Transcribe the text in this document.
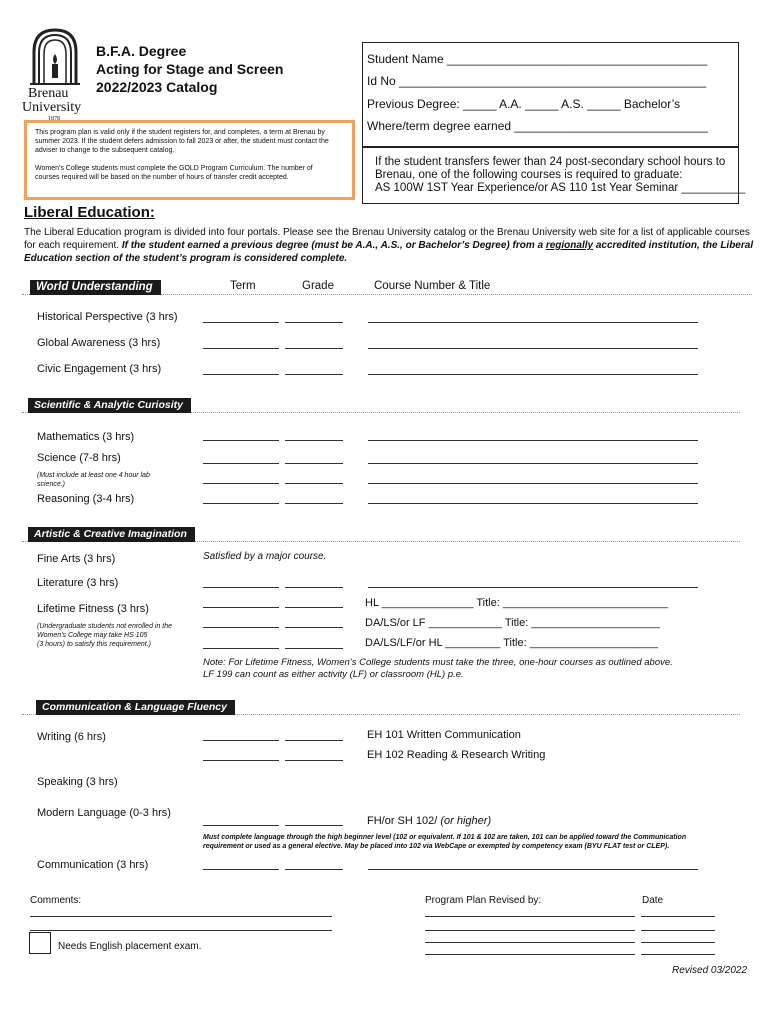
Brenau
University
1878
B.F.A. Degree
Acting for Stage and Screen
2022/2023 Catalog
This program plan is valid only if the student registers for, and completes, a term at Brenau by
summer 2023. If the student defers admission to fall 2023 or after, the student must contact the
adviser to change to the subsequent catalog.
Women's College students must complete the GOLD Program Curriculum. The number of
courses required will be based on the number of hours of transfer credit accepted.
Student Name _______________________________________
Id No ______________________________________________
Previous Degree: _____ A.A. _____ A.S. _____ Bachelor’s
Where/term degree earned _____________________________
If the student transfers fewer than 24 post-secondary school hours to
Brenau, one of the following courses is required to graduate:
AS 100W 1ST Year Experience/or AS 110 1st Year Seminar __________
Liberal Education:
The Liberal Education program is divided into four portals. Please see the Brenau University catalog or the Brenau University web site for a list of applicable courses
for each requirement. If the student earned a previous degree (must be A.A., A.S., or Bachelor’s Degree) from a regionally accredited institution, the Liberal
Education section of the student’s program is considered complete.
World Understanding	Term	Grade	Course Number & Title
Historical Perspective (3 hrs)
Global Awareness (3 hrs)
Civic Engagement (3 hrs)
Scientific & Analytic Curiosity
Mathematics (3 hrs)
Science (7-8 hrs)
(Must include at least one 4 hour lab science.)
Reasoning (3-4 hrs)
Artistic & Creative Imagination
Fine Arts (3 hrs)	Satisfied by a major course.
Literature (3 hrs)
Lifetime Fitness (3 hrs)	HL _______________ Title: ___________________________
(Undergraduate students not enrolled in the
Women’s College may take HS 105
(3 hours) to satisfy this requirement.)
DA/LS/or LF ____________ Title: _____________________
DA/LS/LF/or HL _________ Title: _____________________
Note: For Lifetime Fitness, Women’s College students must take the three, one-hour courses as outlined above.
LF 199 can count as either activity (LF) or classroom (HL) p.e.
Communication & Language Fluency
Writing (6 hrs)	EH 101 Written Communication
EH 102 Reading & Research Writing
Speaking (3 hrs)
Modern Language (0-3 hrs)
FH/or SH 102/ (or higher)
Must complete language through the high beginner level (102 or equivalent. If 101 & 102 are taken, 101 can be applied toward the Communication
requirement or used as a general elective. May be placed into 102 via WebCape or exempted by competency exam (BYU FLAT test or CLEP).
Communication (3 hrs)
Comments:	Program Plan Revised by:	Date
Needs English placement exam.
Revised 03/2022
